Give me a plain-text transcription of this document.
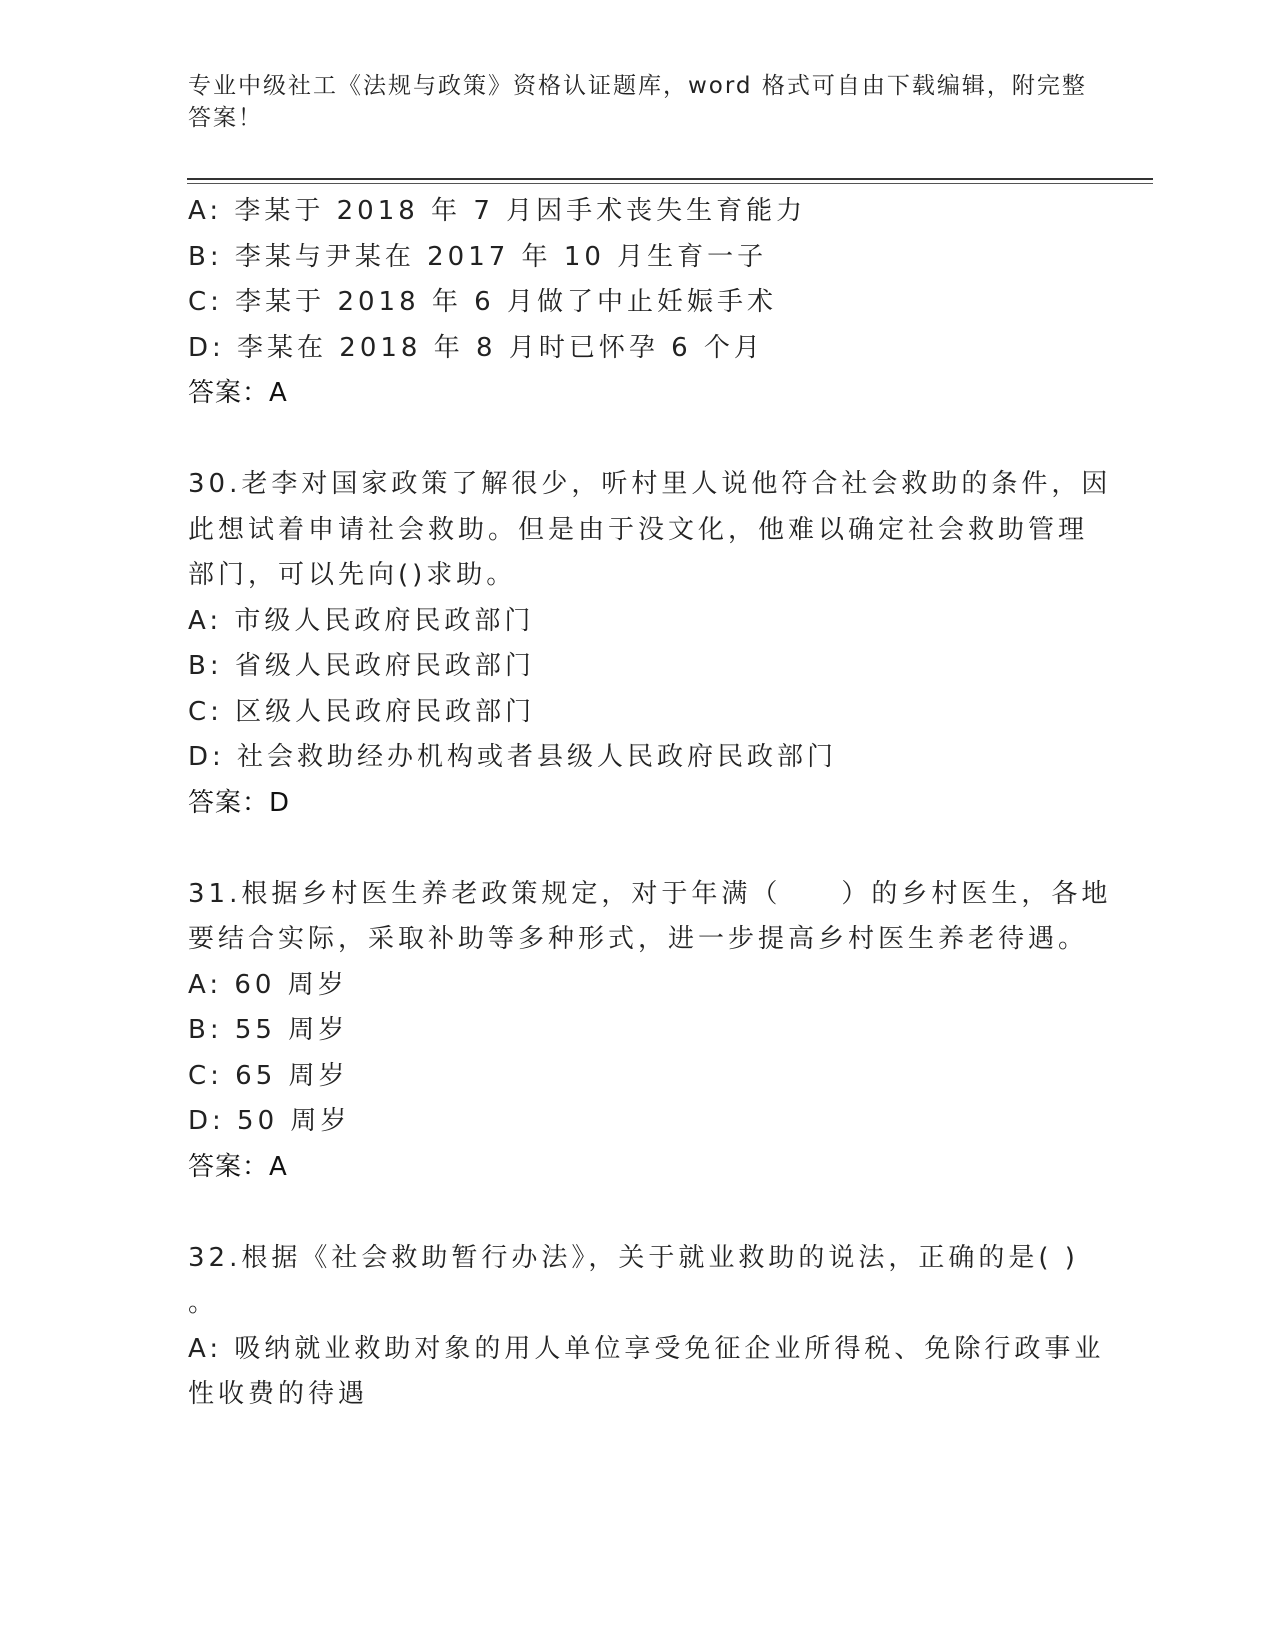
专业中级社工《法规与政策》资格认证题库，word 格式可自由下载编辑，附完整
答案！
A: 李某于 2018 年 7 月因手术丧失生育能力
B: 李某与尹某在 2017 年 10 月生育一子
C: 李某于 2018 年 6 月做了中止妊娠手术
D: 李某在 2018 年 8 月时已怀孕 6 个月
答案：A
30.老李对国家政策了解很少，听村里人说他符合社会救助的条件，因
此想试着申请社会救助。但是由于没文化，他难以确定社会救助管理
部门，可以先向()求助。
A: 市级人民政府民政部门
B: 省级人民政府民政部门
C: 区级人民政府民政部门
D: 社会救助经办机构或者县级人民政府民政部门
答案：D
31.根据乡村医生养老政策规定，对于年满（　　）的乡村医生，各地
要结合实际，采取补助等多种形式，进一步提高乡村医生养老待遇。
A: 60 周岁
B: 55 周岁
C: 65 周岁
D: 50 周岁
答案：A
32.根据《社会救助暂行办法》，关于就业救助的说法，正确的是( )
。
A: 吸纳就业救助对象的用人单位享受免征企业所得税、免除行政事业
性收费的待遇
